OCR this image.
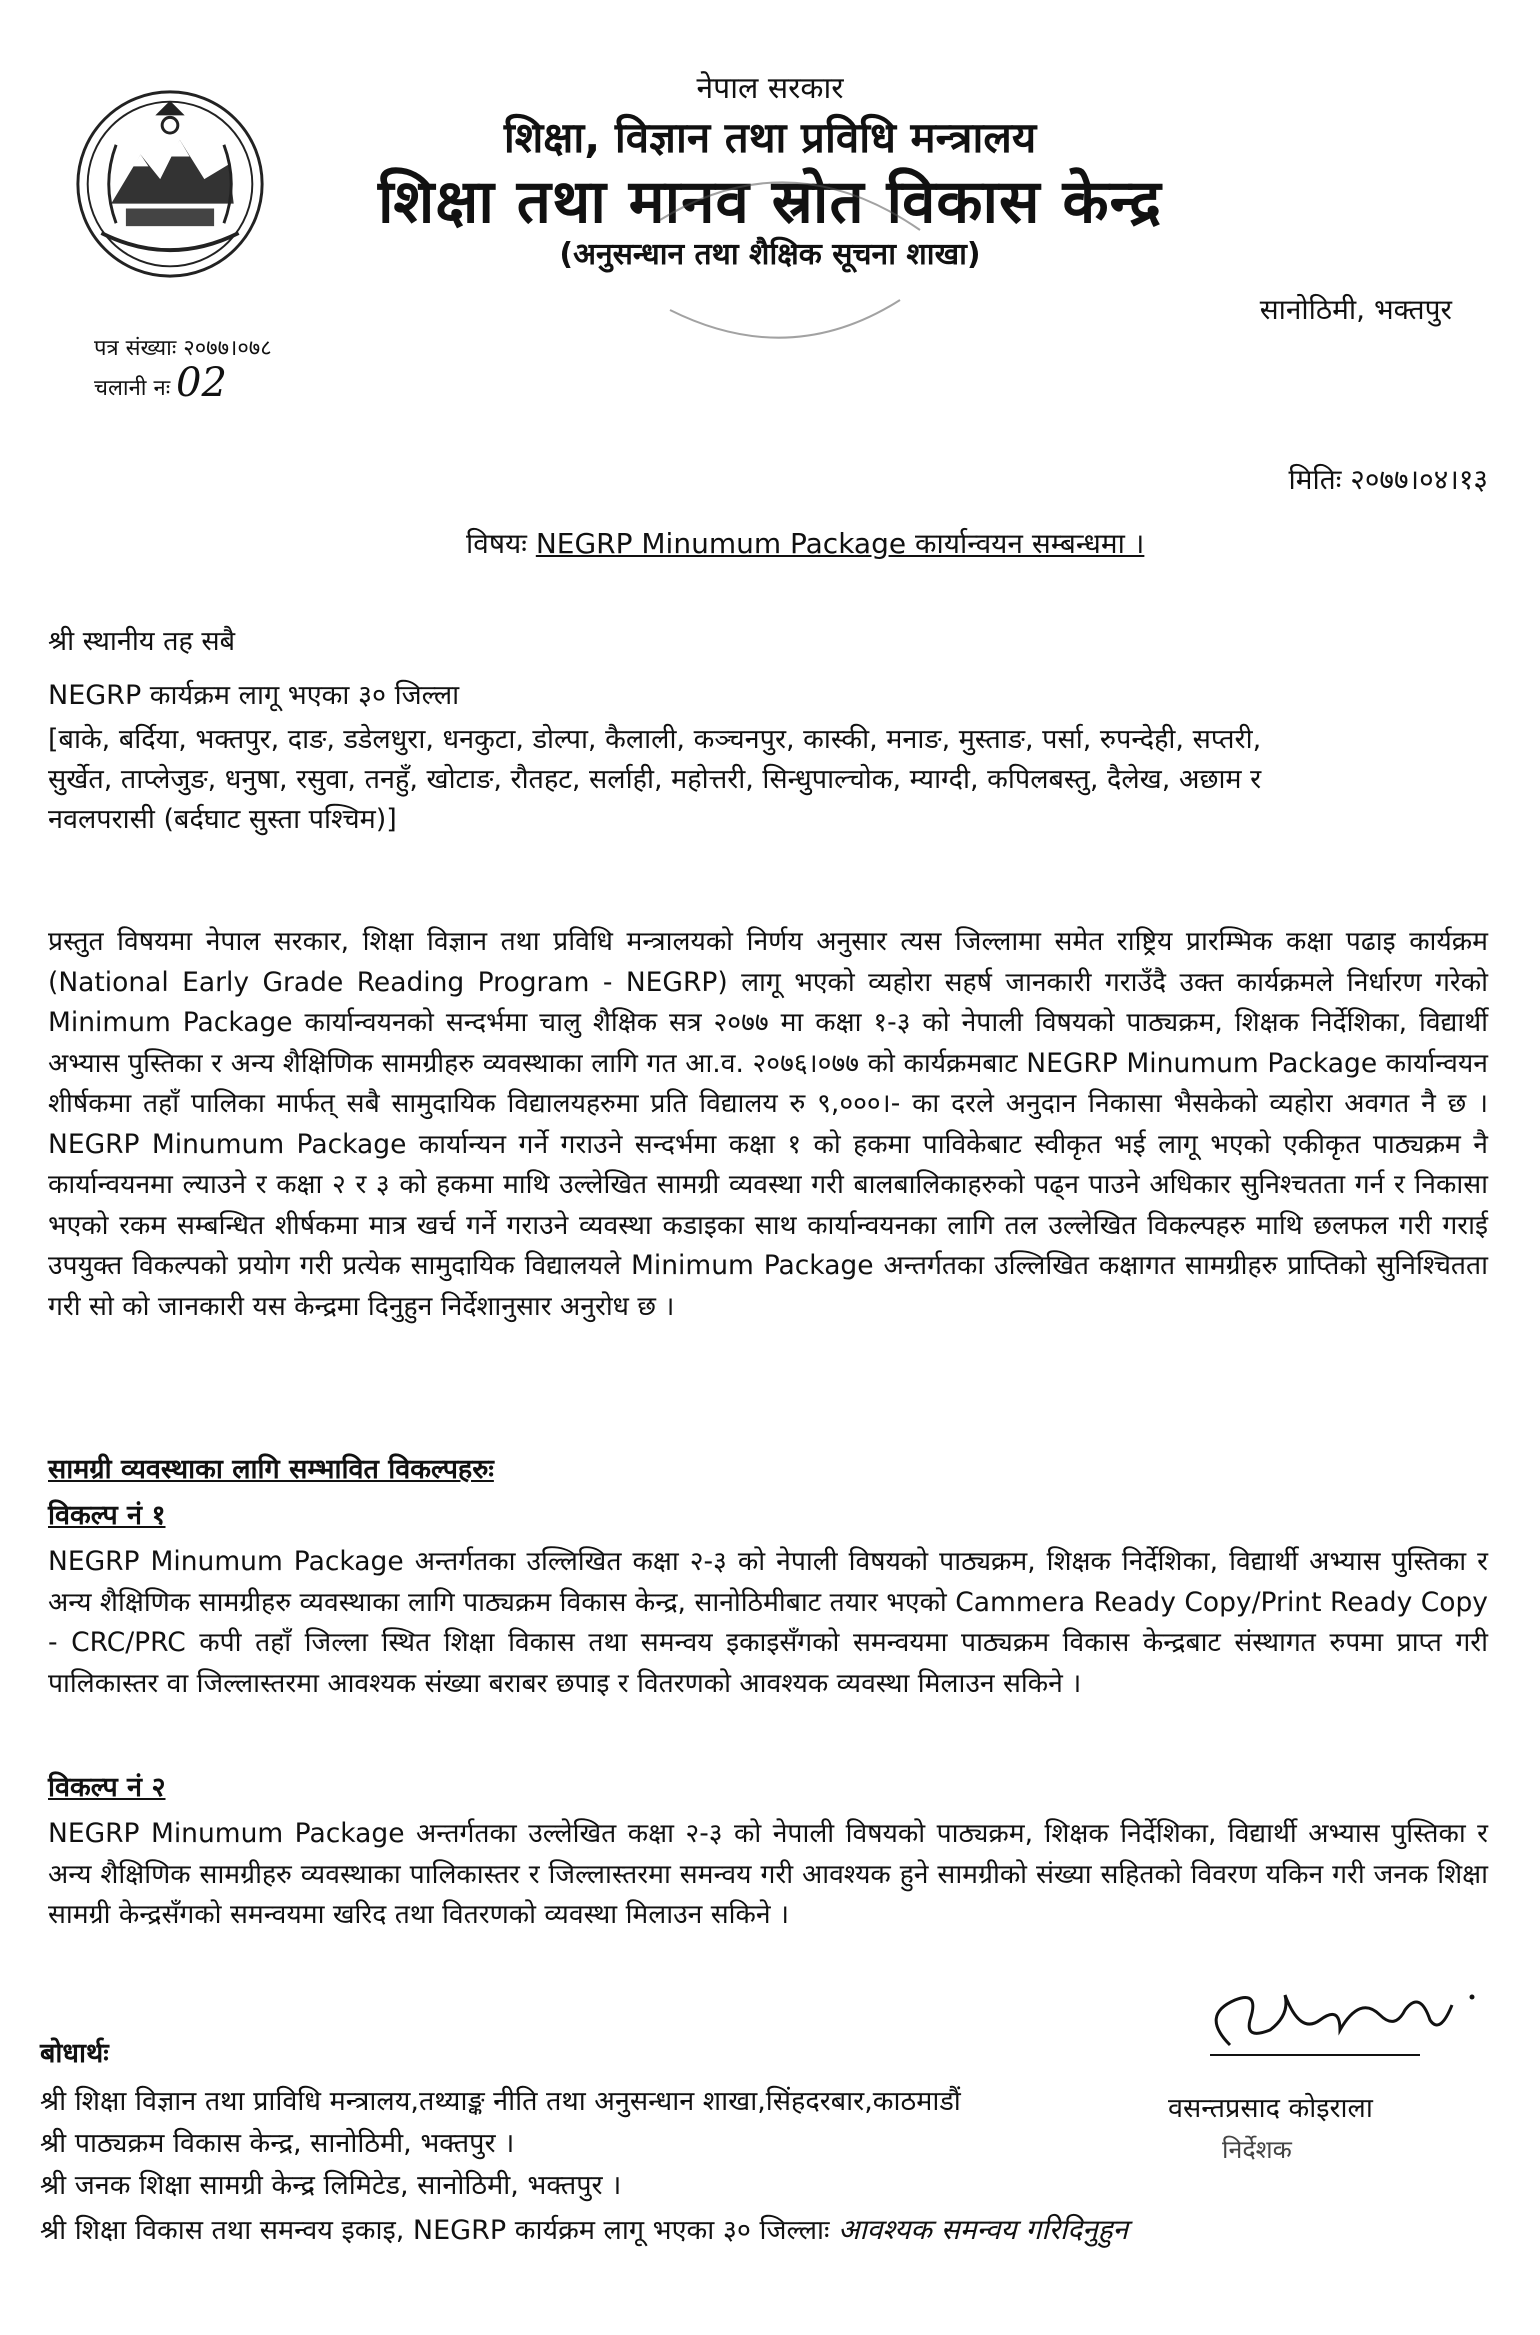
नेपाल सरकार
शिक्षा, विज्ञान तथा प्रविधि मन्त्रालय
शिक्षा तथा मानव स्रोत विकास केन्द्र
(अनुसन्धान तथा शैक्षिक सूचना शाखा)
सानोठिमी, भक्तपुर
पत्र संख्याः २०७७।०७८
चलानी नः 02
मितिः २०७७।०४।१३
विषयः NEGRP Minumum Package कार्यान्वयन सम्बन्धमा ।
श्री स्थानीय तह सबै
NEGRP कार्यक्रम लागू भएका ३० जिल्ला
[बाके, बर्दिया, भक्तपुर, दाङ, डडेलधुरा, धनकुटा, डोल्पा, कैलाली, कञ्चनपुर, कास्की, मनाङ, मुस्ताङ, पर्सा, रुपन्देही, सप्तरी,
सुर्खेत, ताप्लेजुङ, धनुषा, रसुवा, तनहुँ, खोटाङ, रौतहट, सर्लाही, महोत्तरी, सिन्धुपाल्चोक, म्याग्दी, कपिलबस्तु, दैलेख, अछाम र
नवलपरासी (बर्दघाट सुस्ता पश्चिम)]
प्रस्तुत विषयमा नेपाल सरकार, शिक्षा विज्ञान तथा प्रविधि मन्त्रालयको निर्णय अनुसार त्यस जिल्लामा समेत राष्ट्रिय प्रारम्भिक कक्षा पढाइ कार्यक्रम (National Early Grade Reading Program - NEGRP) लागू भएको व्यहोरा सहर्ष जानकारी गराउँदै उक्त कार्यक्रमले निर्धारण गरेको Minimum Package कार्यान्वयनको सन्दर्भमा चालु शैक्षिक सत्र २०७७ मा कक्षा १-३ को नेपाली विषयको पाठ्यक्रम, शिक्षक निर्देशिका, विद्यार्थी अभ्यास पुस्तिका र अन्य शैक्षिणिक सामग्रीहरु व्यवस्थाका लागि गत आ.व. २०७६।०७७ को कार्यक्रमबाट NEGRP Minumum Package कार्यान्वयन शीर्षकमा तहाँ पालिका मार्फत् सबै सामुदायिक विद्यालयहरुमा प्रति विद्यालय रु ९,०००।- का दरले अनुदान निकासा भैसकेको व्यहोरा अवगत नै छ । NEGRP Minumum Package कार्यान्यन गर्ने गराउने सन्दर्भमा कक्षा १ को हकमा पाविकेबाट स्वीकृत भई लागू भएको एकीकृत पाठ्यक्रम नै कार्यान्वयनमा ल्याउने र कक्षा २ र ३ को हकमा माथि उल्लेखित सामग्री व्यवस्था गरी बालबालिकाहरुको पढ्न पाउने अधिकार सुनिश्चतता गर्न र निकासा भएको रकम सम्बन्धित शीर्षकमा मात्र खर्च गर्ने गराउने व्यवस्था कडाइका साथ कार्यान्वयनका लागि तल उल्लेखित विकल्पहरु माथि छलफल गरी गराई उपयुक्त विकल्पको प्रयोग गरी प्रत्येक सामुदायिक विद्यालयले Minimum Package अन्तर्गतका उल्लिखित कक्षागत सामग्रीहरु प्राप्तिको सुनिश्चितता गरी सो को जानकारी यस केन्द्रमा दिनुहुन निर्देशानुसार अनुरोध छ ।
सामग्री व्यवस्थाका लागि सम्भावित विकल्पहरुः
विकल्प नं १
NEGRP Minumum Package अन्तर्गतका उल्लिखित कक्षा २-३ को नेपाली विषयको पाठ्यक्रम, शिक्षक निर्देशिका, विद्यार्थी अभ्यास पुस्तिका र अन्य शैक्षिणिक सामग्रीहरु व्यवस्थाका लागि पाठ्यक्रम विकास केन्द्र, सानोठिमीबाट तयार भएको Cammera Ready Copy/Print Ready Copy - CRC/PRC कपी तहाँ जिल्ला स्थित शिक्षा विकास तथा समन्वय इकाइसँगको समन्वयमा पाठ्यक्रम विकास केन्द्रबाट संस्थागत रुपमा प्राप्त गरी पालिकास्तर वा जिल्लास्तरमा आवश्यक संख्या बराबर छपाइ र वितरणको आवश्यक व्यवस्था मिलाउन सकिने ।
विकल्प नं २
NEGRP Minumum Package अन्तर्गतका उल्लेखित कक्षा २-३ को नेपाली विषयको पाठ्यक्रम, शिक्षक निर्देशिका, विद्यार्थी अभ्यास पुस्तिका र अन्य शैक्षिणिक सामग्रीहरु व्यवस्थाका पालिकास्तर र जिल्लास्तरमा समन्वय गरी आवश्यक हुने सामग्रीको संख्या सहितको विवरण यकिन गरी जनक शिक्षा सामग्री केन्द्रसँगको समन्वयमा खरिद तथा वितरणको व्यवस्था मिलाउन सकिने ।
वसन्तप्रसाद कोइराला
निर्देशक
बोधार्थः
श्री शिक्षा विज्ञान तथा प्राविधि मन्त्रालय,तथ्याङ्क नीति तथा अनुसन्धान शाखा,सिंहदरबार,काठमाडौं
श्री पाठ्यक्रम विकास केन्द्र, सानोठिमी, भक्तपुर ।
श्री जनक शिक्षा सामग्री केन्द्र लिमिटेड, सानोठिमी, भक्तपुर ।
श्री शिक्षा विकास तथा समन्वय इकाइ, NEGRP कार्यक्रम लागू भएका ३० जिल्लाः आवश्यक समन्वय गरिदिनुहुन
